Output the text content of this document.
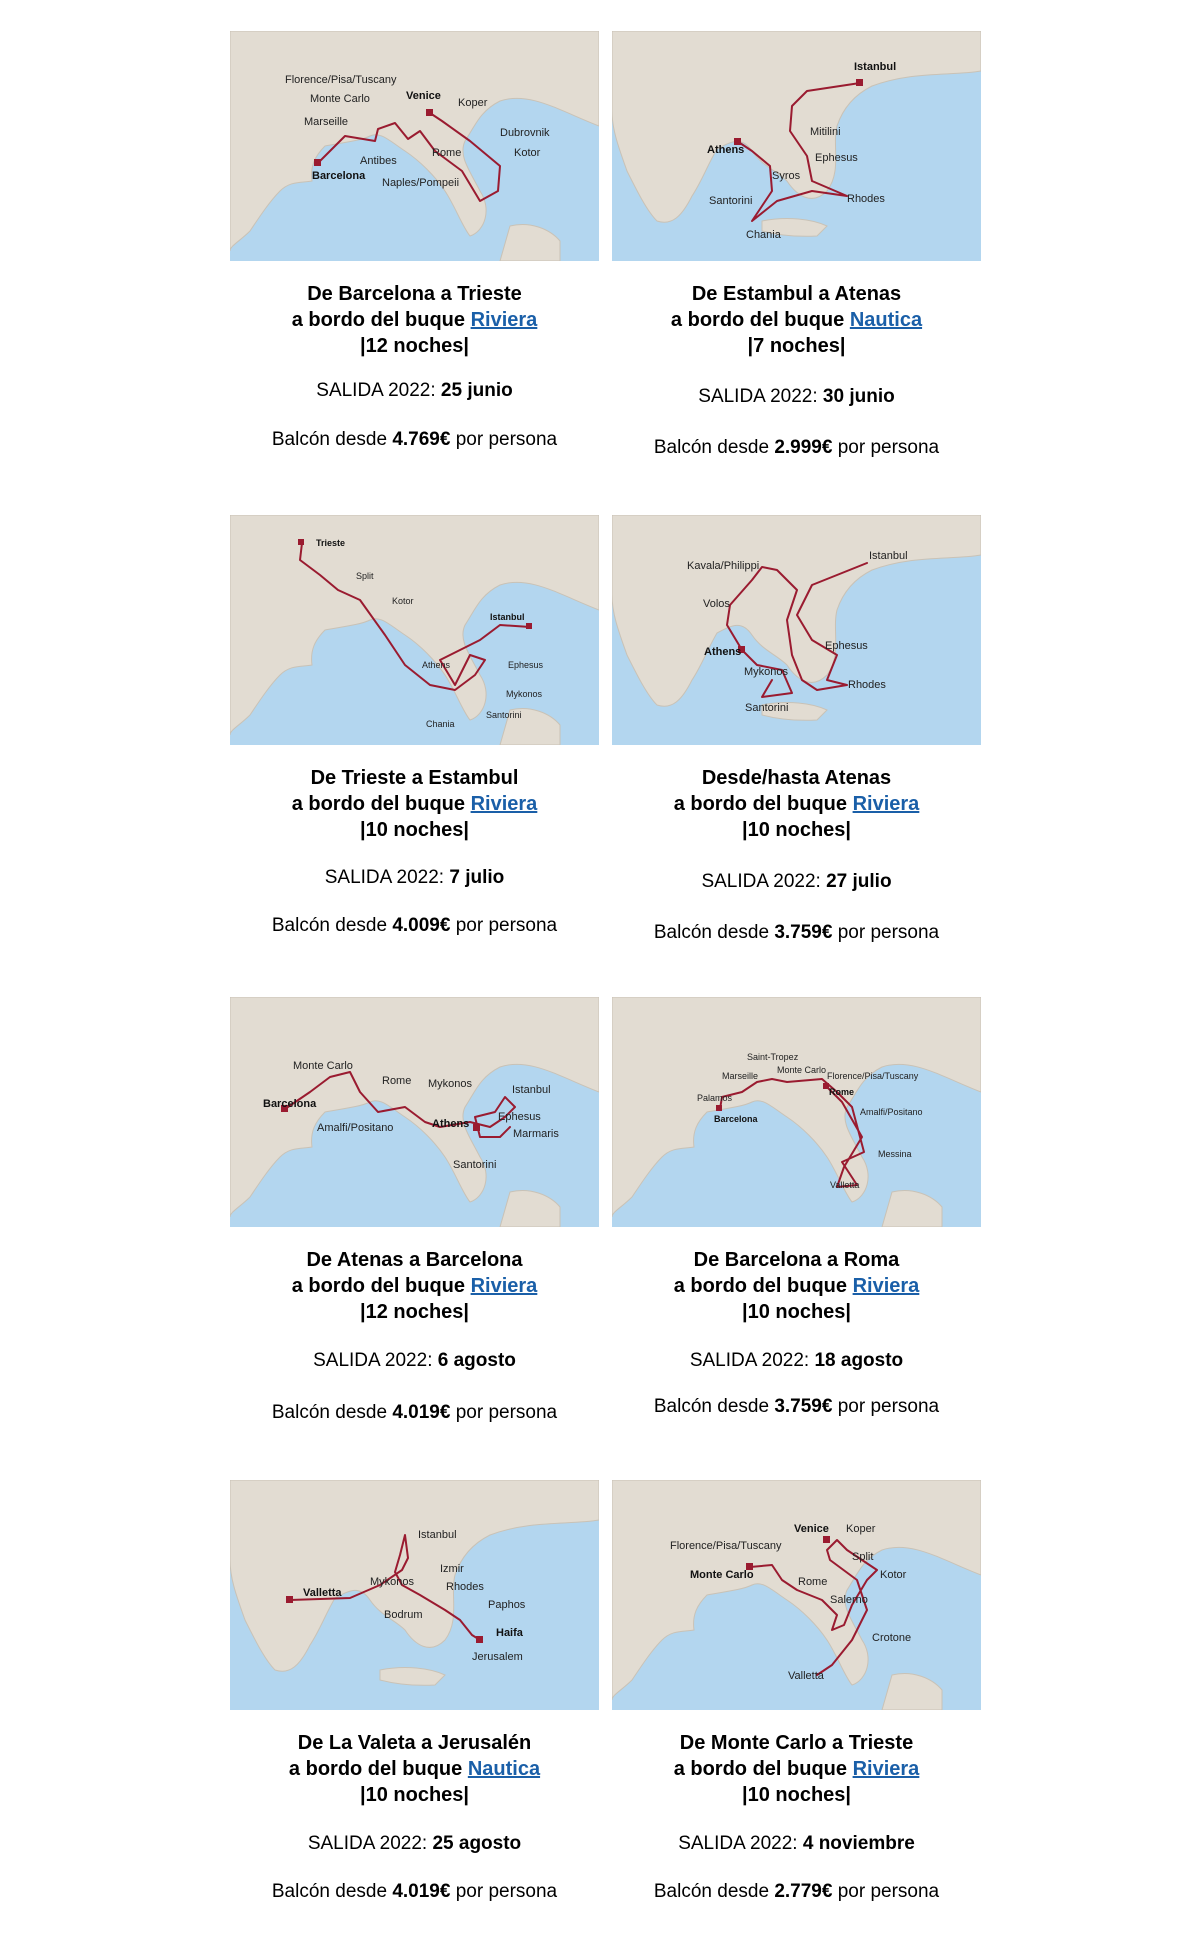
Florence/Pisa/Tuscany
Venice
Monte Carlo	Koper
Marseille
Dubrovnik
Antibes
Rome	Kotor
Barcelona
Naples/Pompeii
De Barcelona a Trieste
a bordo del buque Riviera
|12 noches|
SALIDA 2022: 25 junio
Balcón desde 4.769€ por persona
Istanbul
Mitilini
Athens
Ephesus
Syros
Santorini	Rhodes
Chania
De Estambul a Atenas
a bordo del buque Nautica
|7 noches|
SALIDA 2022: 30 junio
Balcón desde 2.999€ por persona
Trieste
Split
Kotor
Istanbul
Athens	Ephesus
Mykonos
Santorini
Chania
De Trieste a Estambul
a bordo del buque Riviera
|10 noches|
SALIDA 2022: 7 julio
Balcón desde 4.009€ por persona
Istanbul
Kavala/Philippi
Volos
Athens	Ephesus
Mykonos
Rhodes
Santorini
Desde/hasta Atenas
a bordo del buque Riviera
|10 noches|
SALIDA 2022: 27 julio
Balcón desde 3.759€ por persona
Monte Carlo
Rome Mykonos	Istanbul
Barcelona
Ephesus
Amalfi/Positano	Athens
Marmaris
Santorini
De Atenas a Barcelona
a bordo del buque Riviera
|12 noches|
SALIDA 2022: 6 agosto
Balcón desde 4.019€ por persona
Saint-Tropez
Marseille
Monte Carlo
Florence/Pisa/Tuscany
Rome
Palamos
Amalfi/Positano
Barcelona
Messina
Valletta
De Barcelona a Roma
a bordo del buque Riviera
|10 noches|
SALIDA 2022: 18 agosto
Balcón desde 3.759€ por persona
Istanbul
Izmir
Mykonos	Rhodes
Valletta
Paphos
Bodrum
Haifa
Jerusalem
De La Valeta a Jerusalén
a bordo del buque Nautica
|10 noches|
SALIDA 2022: 25 agosto
Balcón desde 4.019€ por persona
Venice Koper
Florence/Pisa/Tuscany
Split
Monte Carlo	Kotor
Rome
Salerno
Crotone
Valletta
De Monte Carlo a Trieste
a bordo del buque Riviera
|10 noches|
SALIDA 2022: 4 noviembre
Balcón desde 2.779€ por persona
